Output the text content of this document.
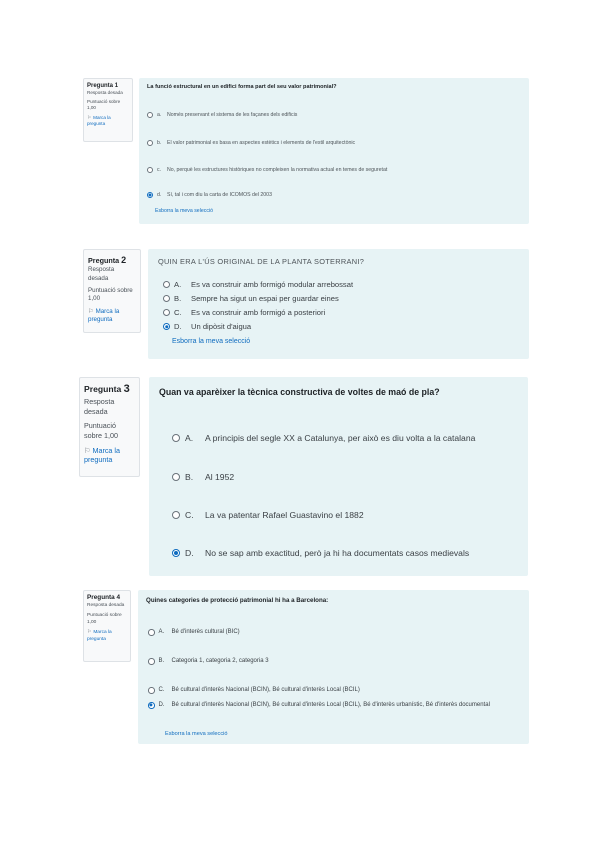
Pregunta 1
Resposta desada
Puntuació sobre 1,00
⚐ Marca la pregunta
La funció estructural en un edifici forma part del seu valor patrimonial?
a.	Només preservant el sistema de les façanes dels edificis
b.	El valor patrimonial es basa en aspectes estètics i elements de l'estil arquitectònic
c.	No, perquè les estructures històriques no compleixen la normativa actual en temes de seguretat
d.	Sí, tal i com diu la carta de ICOMOS del 2003
Esborra la meva selecció
Pregunta 2
Resposta desada
Puntuació sobre 1,00
⚐ Marca la pregunta
QUIN ERA L'ÚS ORIGINAL DE LA PLANTA SOTERRANI?
A.	Es va construir amb formigó modular arrebossat
B.	Sempre ha sigut un espai per guardar eines
C.	Es va construir amb formigó a posteriori
D.	Un dipòsit d'aigua
Esborra la meva selecció
Pregunta 3
Resposta desada
Puntuació sobre 1,00
⚐ Marca la pregunta
Quan va aparèixer la tècnica constructiva de voltes de maó de pla?
A.	A principis del segle XX a Catalunya, per això es diu volta a la catalana
B.	Al 1952
C.	La va patentar Rafael Guastavino el 1882
D.	No se sap amb exactitud, però ja hi ha documentats casos medievals
Pregunta 4
Resposta desada
Puntuació sobre 1,00
⚐ Marca la pregunta
Quines categories de protecció patrimonial hi ha a Barcelona:
A.	Bé d'interès cultural (BIC)
B.	Categoria 1, categoria 2, categoria 3
C.	Bé cultural d'interès Nacional (BCIN), Bé cultural d'interès Local (BCIL)
D.	Bé cultural d'interès Nacional (BCIN), Bé cultural d'interès Local (BCIL), Bé d'interès urbanístic, Bé d'interès documental
Esborra la meva selecció
